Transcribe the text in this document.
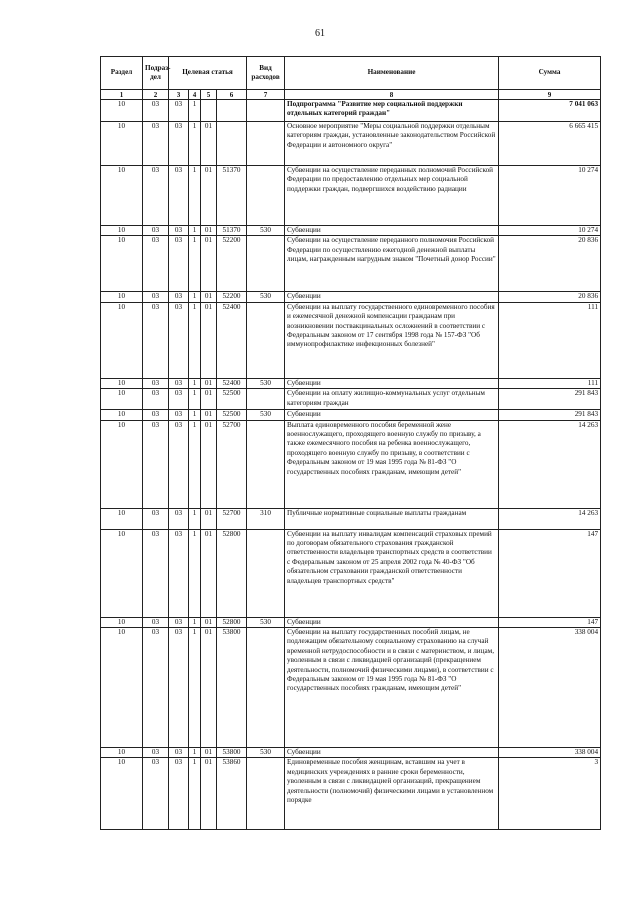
61
Раздел	Подраз-дел	Целевая статья				Вид расходов	Наименование	Сумма
1	2	3	4	5	6	7	8	9
10	03	03	1				Подпрограмма "Развитие мер социальной поддержки отдельных категорий граждан"	7 041 063
10	03	03	1	01			Основное мероприятие "Меры социальной поддержки отдельным категориям граждан, установленные законодательством Российской Федерации и автономного округа"	6 665 415
10	03	03	1	01	51370		Субвенции на осуществление переданных полномочий Российской Федерации по предоставлению отдельных мер социальной поддержки граждан, подвергшихся воздействию радиации	10 274
10	03	03	1	01	51370	530	Субвенции	10 274
10	03	03	1	01	52200		Субвенции на осуществление переданного полномочия Российской Федерации по осуществлению ежегодной денежной выплаты лицам, награжденным нагрудным знаком "Почетный донор России"	20 836
10	03	03	1	01	52200	530	Субвенции	20 836
10	03	03	1	01	52400		Субвенции на выплату государственного единовременного пособия и ежемесячной денежной компенсации гражданам при возникновении поствакцинальных осложнений в соответствии с Федеральным законом от 17 сентября 1998 года № 157-ФЗ "Об иммунопрофилактике инфекционных болезней"	111
10	03	03	1	01	52400	530	Субвенции	111
10	03	03	1	01	52500		Субвенции на оплату жилищно-коммунальных услуг отдельным категориям граждан	291 843
10	03	03	1	01	52500	530	Субвенции	291 843
10	03	03	1	01	52700		Выплата единовременного пособия беременной жене военнослужащего, проходящего военную службу по призыву, а также ежемесячного пособия на ребенка военнослужащего, проходящего военную службу по призыву, в соответствии с Федеральным законом от 19 мая 1995 года № 81-ФЗ "О государственных пособиях гражданам, имеющим детей"	14 263
10	03	03	1	01	52700	310	Публичные нормативные социальные выплаты гражданам	14 263
10	03	03	1	01	52800		Субвенции на выплату инвалидам компенсаций страховых премий по договорам обязательного страхования гражданской ответственности владельцев транспортных средств в соответствии с Федеральным законом от 25 апреля 2002 года № 40-ФЗ "Об обязательном страховании гражданской ответственности владельцев транспортных средств"	147
10	03	03	1	01	52800	530	Субвенции	147
10	03	03	1	01	53800		Субвенции на выплату государственных пособий лицам, не подлежащим обязательному социальному страхованию на случай временной нетрудоспособности и в связи с материнством, и лицам, уволенным в связи с ликвидацией организаций (прекращением деятельности, полномочий физическими лицами), в соответствии с Федеральным законом от 19 мая 1995 года № 81-ФЗ "О государственных пособиях гражданам, имеющим детей"	338 004
10	03	03	1	01	53800	530	Субвенции	338 004
10	03	03	1	01	53860		Единовременные пособия женщинам, вставшим на учет в медицинских учреждениях в ранние сроки беременности, уволенным в связи с ликвидацией организаций, прекращением деятельности (полномочий) физическими лицами в установленном порядке	3
